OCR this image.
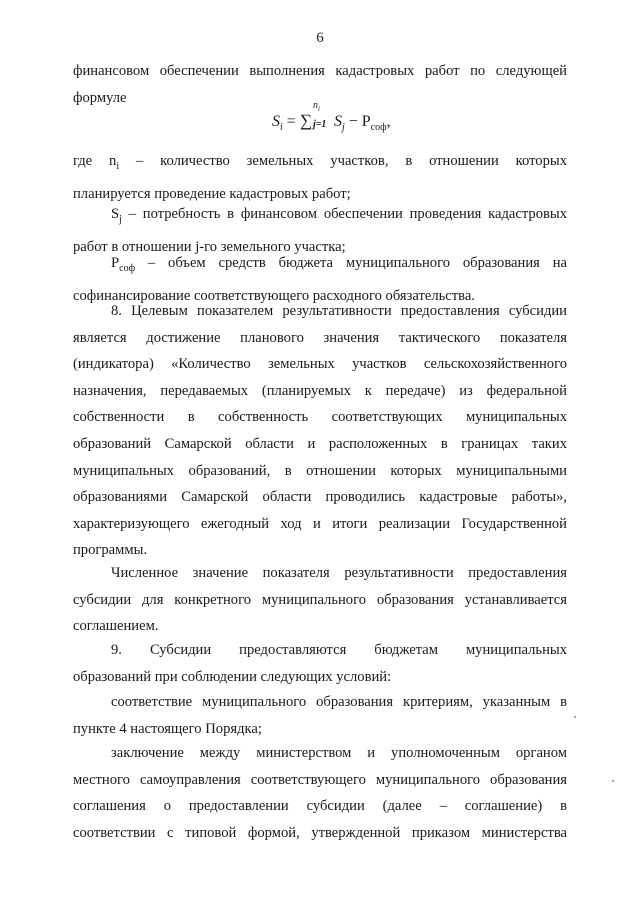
6

финансовом обеспечении выполнения кадастровых работ по следующей

формуле

$S_i$ = ∑
$n_i$
j=1 $S_j - P_{соф}$,

где $n_i$ – количество земельных участков, в отношении которых

планируется проведение кадастровых работ;

$S_j$ – потребность в финансовом обеспечении проведения кадастровых

работ в отношении j-го земельного участка;

$P_{соф}$ – объем средств бюджета муниципального образования на

софинансирование соответствующего расходного обязательства.

8. Целевым показателем результативности предоставления субсидии

является достижение планового значения тактического показателя

(индикатора) «Количество земельных участков сельскохозяйственного

назначения, передаваемых (планируемых к передаче) из федеральной

собственности в собственность соответствующих муниципальных

образований Самарской области и расположенных в границах таких

муниципальных образований, в отношении которых муниципальными

образованиями Самарской области проводились кадастровые работы»,

характеризующего ежегодный ход и итоги реализации Государственной

программы.

Численное значение показателя результативности предоставления

субсидии для конкретного муниципального образования устанавливается

соглашением.

9. Субсидии предоставляются бюджетам муниципальных

образований при соблюдении следующих условий:

соответствие муниципального образования критериям, указанным в

пункте 4 настоящего Порядка;

заключение между министерством и уполномоченным органом

местного самоуправления соответствующего муниципального образования

соглашения о предоставлении субсидии (далее – соглашение) в

соответствии с типовой формой, утвержденной приказом министерства
